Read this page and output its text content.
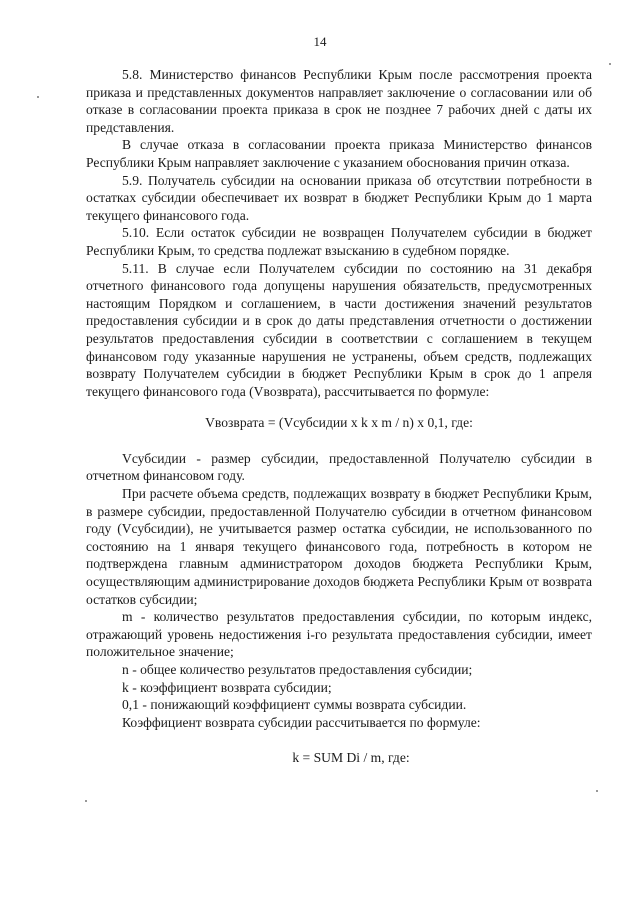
14

5.8. Министерство финансов Республики Крым после рассмотрения проекта приказа и представленных документов направляет заключение о согласовании или об отказе в согласовании проекта приказа в срок не позднее 7 рабочих дней с даты их представления.

В случае отказа в согласовании проекта приказа Министерство финансов Республики Крым направляет заключение с указанием обоснования причин отказа.

5.9. Получатель субсидии на основании приказа об отсутствии потребности в остатках субсидии обеспечивает их возврат в бюджет Республики Крым до 1 марта текущего финансового года.

5.10. Если остаток субсидии не возвращен Получателем субсидии в бюджет Республики Крым, то средства подлежат взысканию в судебном порядке.

5.11. В случае если Получателем субсидии по состоянию на 31 декабря отчетного финансового года допущены нарушения обязательств, предусмотренных настоящим Порядком и соглашением, в части достижения значений результатов предоставления субсидии и в срок до даты представления отчетности о достижении результатов предоставления субсидии в соответствии с соглашением в текущем финансовом году указанные нарушения не устранены, объем средств, подлежащих возврату Получателем субсидии в бюджет Республики Крым в срок до 1 апреля текущего финансового года (Vвозврата), рассчитывается по формуле:

Vвозврата = (Vсубсидии x k x m / n) x 0,1, где:

Vсубсидии - размер субсидии, предоставленной Получателю субсидии в отчетном финансовом году.

При расчете объема средств, подлежащих возврату в бюджет Республики Крым, в размере субсидии, предоставленной Получателю субсидии в отчетном финансовом году (Vсубсидии), не учитывается размер остатка субсидии, не использованного по состоянию на 1 января текущего финансового года, потребность в котором не подтверждена главным администратором доходов бюджета Республики Крым, осуществляющим администрирование доходов бюджета Республики Крым от возврата остатков субсидии;

m - количество результатов предоставления субсидии, по которым индекс, отражающий уровень недостижения i-го результата предоставления субсидии, имеет положительное значение;

n - общее количество результатов предоставления субсидии;

k - коэффициент возврата субсидии;

0,1 - понижающий коэффициент суммы возврата субсидии.

Коэффициент возврата субсидии рассчитывается по формуле:

k = SUM Di / m, где:
